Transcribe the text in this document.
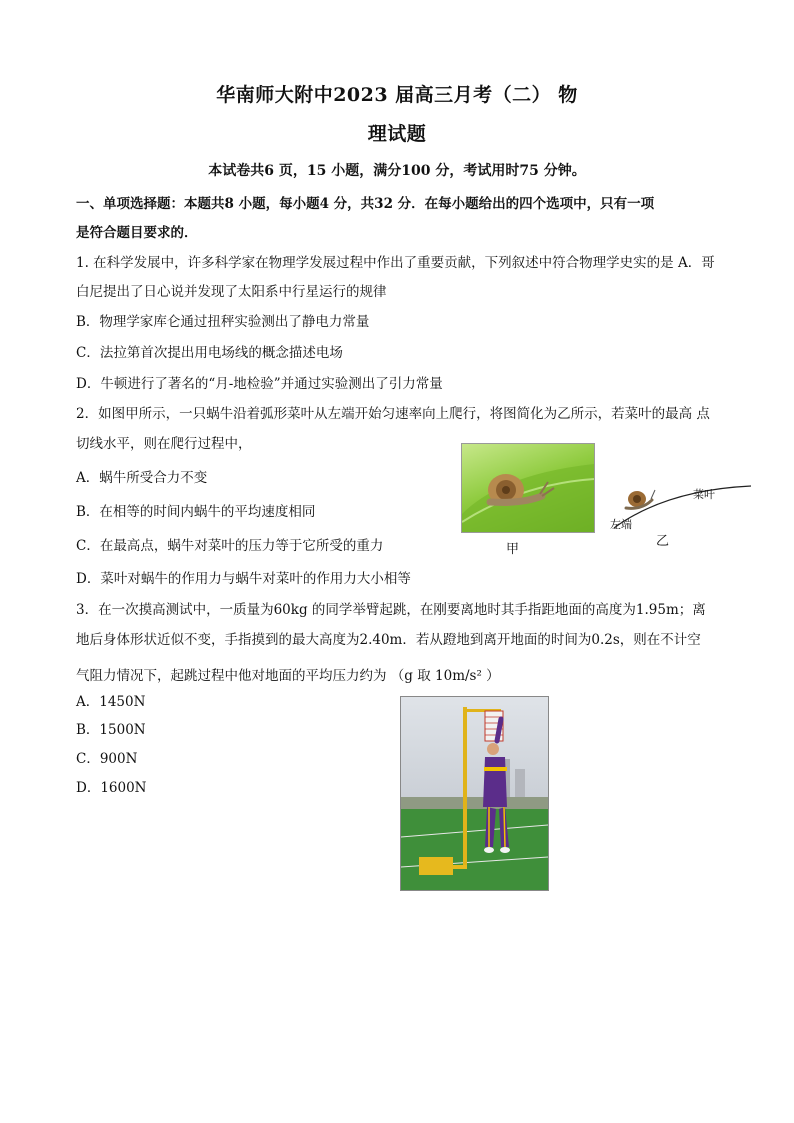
华南师大附中2023 届高三月考（二） 物
理试题
本试卷共6 页，15 小题，满分100 分，考试用时75 分钟。
一、单项选择题：本题共8 小题，每小题4 分，共32 分．在每小题给出的四个选项中，只有一项
是符合题目要求的．
1. 在科学发展中，许多科学家在物理学发展过程中作出了重要贡献，下列叙述中符合物理学史实的是 A．哥
白尼提出了日心说并发现了太阳系中行星运行的规律
B．物理学家库仑通过扭秤实验测出了静电力常量
C．法拉第首次提出用电场线的概念描述电场
D．牛顿进行了著名的“月-地检验”并通过实验测出了引力常量
2．如图甲所示，一只蜗牛沿着弧形菜叶从左端开始匀速率向上爬行，将图简化为乙所示，若菜叶的最高 点
切线水平，则在爬行过程中，
A．蜗牛所受合力不变
B．在相等的时间内蜗牛的平均速度相同
C．在最高点，蜗牛对菜叶的压力等于它所受的重力
D．菜叶对蜗牛的作用力与蜗牛对菜叶的作用力大小相等
甲
菜叶
左端
乙
3．在一次摸高测试中，一质量为60kg 的同学举臂起跳，在刚要离地时其手指距地面的高度为1.95m；离
地后身体形状近似不变，手指摸到的最大高度为2.40m．若从蹬地到离开地面的时间为0.2s，则在不计空
气阻力情况下，起跳过程中他对地面的平均压力约为 （g 取 10m/s² ）
A．1450N
B．1500N
C．900N
D．1600N
